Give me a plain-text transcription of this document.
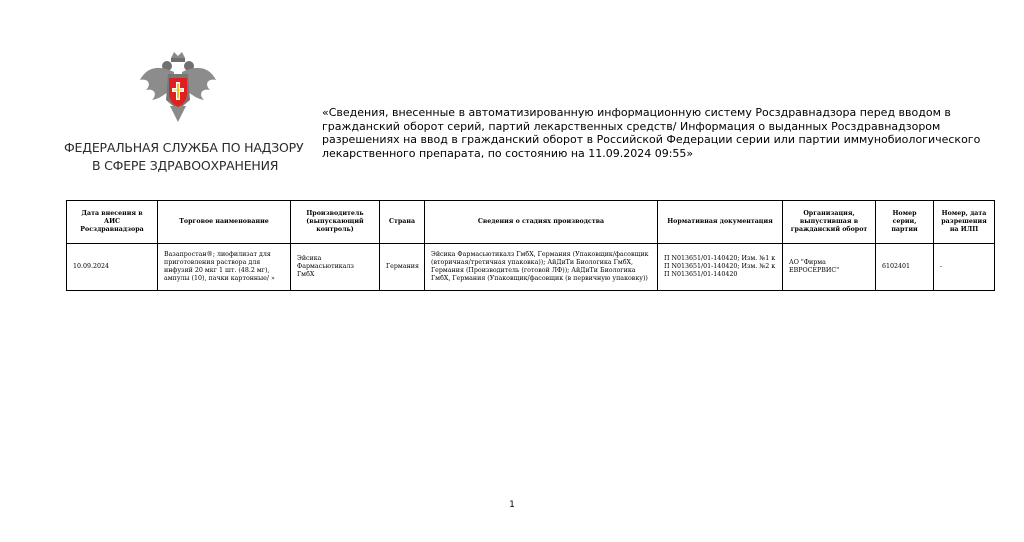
ФЕДЕРАЛЬНАЯ СЛУЖБА ПО НАДЗОРУ
В СФЕРЕ ЗДРАВООХРАНЕНИЯ
«Сведения, внесенные в автоматизированную информационную систему Росздравнадзора перед вводом в гражданский оборот серий, партий лекарственных средств/ Информация о выданных Росздравнадзором разрешениях на ввод в гражданский оборот в Российской Федерации серии или партии иммунобиологического лекарственного препарата, по состоянию на 11.09.2024 09:55»
Дата внесения в АИС Росздравнадзора	Торговое наименование	Производитель (выпускающий контроль)	Страна	Сведения о стадиях производства	Нормативная документация	Организация, выпустившая в гражданский оборот	Номер серии, партии	Номер, дата разрешения на ИЛП
10.09.2024	Вазапростан®; лиофилизат для приготовления раствора для инфузий 20 мкг 1 шт. (48.2 мг), ампулы (10), пачки картонные/ »	Эйсика Фармасьютикалз ГмбХ	Германия	Эйсика Фармасьютикалз ГмбХ, Германия (Упаковщик/фасовщик (вторичная/третичная упаковка)); АйДиТи Биологика ГмбХ, Германия (Производитель (готовой ЛФ)); АйДиТи Биологика ГмбХ, Германия (Упаковщик/фасовщик (в первичную упаковку))	П N013651/01-140420; Изм. №1 к П N013651/01-140420; Изм. №2 к П N013651/01-140420	АО "Фирма ЕВРОСЕРВИС"	6102401	-
1
